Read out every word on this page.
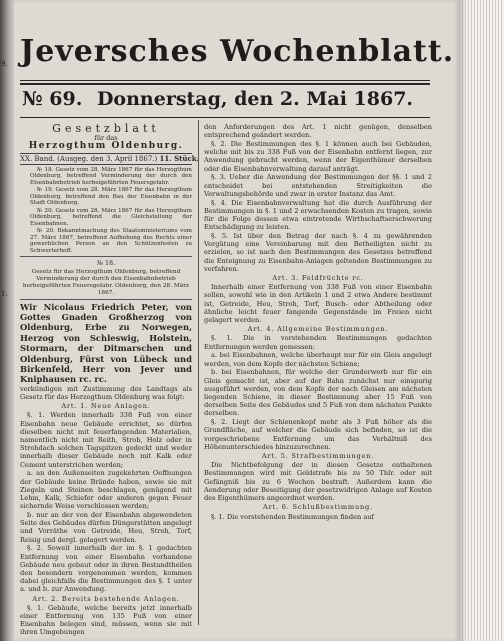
9.
1.
Jeversches Wochenblatt.
№ 69. Donnerstag, den 2. Mai 1867.
Gesetzblatt
für das
Herzogthum Oldenburg.
XX. Band. (Ausgeg. den 3. April 1867.) 11. Stück.

№ 18. Gesetz vom 28. März 1867 für das Herzogthum Oldenburg, betreffend Verminderung der durch den Eisenbahnbetrieb herbeigeführten Feuersgefahr.

№ 19. Gesetz vom 28. März 1867 für das Herzogthum Oldenburg, betreffend den Bau der Eisenbahn in der Stadt Oldenburg.

№ 20. Gesetz vom 28. März 1867 für das Herzogthum Oldenburg, betreffend die Gleichstellung der Eisenbahnen.

№ 20. Bekanntmachung des Staatsministeriums vom 27. März 1867, betreffend Aufhebung des Rechts einer gewerblichen Person an den Schützenfesten zu Schwerterhoff.

№ 18.
Gesetz für das Herzogthum Oldenburg, betreffend Verminderung der durch den Eisenbahnbetrieb herbeigeführten Feuersgefahr. Oldenburg, den 28. März 1867.
Wir Nicolaus Friedrich Peter, von Gottes Gnaden Großherzog von Oldenburg, Erbe zu Norwegen, Herzog von Schleswig, Holstein, Stormarn, der Ditmarschen und Oldenburg, Fürst von Lübeck und Birkenfeld, Herr von Jever und Kniphausen rc. rc.

verkündigen mit Zustimmung des Landtags als Gesetz für das Herzogthum Oldenburg was folgt:

Art. 1. Neue Anlagen.

§. 1. Werden innerhalb 338 Fuß von einer Eisenbahn neue Gebäude errichtet, so dürfen dieselben nicht mit feuerfangenden Materialien, namentlich nicht mit Reith, Stroh, Holz oder in Strohdach solchen Tagspitzen gedeckt und weder innerhalb dieser Gebäude noch mit Kalk oder Cement unterstrichen werden;

a. an den Außenseiten zugekehrten Oeffnungen der Gebäude keine Brände haben, sowie sie mit Ziegeln und Steinen beschlagen, genügend mit Lehm, Kalk, Schiefer oder anderen gegen Feuer sichernde Weise verschlossen werden;

b. nur an der von der Eisenbahn abgewendeten Seite des Gebäudes dürfen Düngerstätten angelegt und Vorräthe von Getreide, Heu, Stroh, Torf, Reisig und dergl. gelagert werden.

§. 2. Soweit innerhalb der im §. 1 gedachten Entfernung von einer Eisenbahn vorhandene Gebäude neu gebaut oder in ihren Bestandtheilen den besondern vorgenommen werden, kommen dabei gleichfalls die Bestimmungen des §. 1 unter a. und b. zur Anwendung.

Art. 2. Bereits bestehende Anlagen.

§. 1. Gebäude, welche bereits jetzt innerhalb einer Entfernung von 135 Fuß von einer Eisenbahn belegen sind, müssen, wenn sie mit ihren Umgebungen

den Anforderungen des Art. 1 nicht genügen, denselben entsprechend geändert werden.

§. 2. Die Bestimmungen des §. 1 können auch bei Gebäuden, welche mit bis zu 338 Fuß von der Eisenbahn entfernt liegen, zur Anwendung gebracht werden, wenn der Eigenthümer derselben oder die Eisenbahnverwaltung darauf anträgt.

§. 3. Ueber die Anwendung der Bestimmungen der §§. 1 und 2 entscheidet bei entstehenden Streitigkeiten die Verwaltungsbehörde und zwar in erster Instanz das Amt.

§. 4. Die Eisenbahnverwaltung hat die durch Ausführung der Bestimmungen in §. 1 und 2 erwachsenden Kosten zu tragen, sowie für die Folge dessen etwa eintretende Wirthschaftserschwerung Entschädigung zu leisten.

§. 5. Ist über den Betrag der nach §. 4 zu gewährenden Vergütung eine Vereinbarung mit den Betheiligten nicht zu erzielen, so ist nach den Bestimmungen des Gesetzes betreffend die Enteignung zu Eisenbahn-Anlagen geltenden Bestimmungen zu verfahren.

Art. 3. Feldfrüchte rc.

Innerhalb einer Entfernung von 338 Fuß von einer Eisenbahn sollen, sowohl wie in den Artikeln 1 und 2 etwa Andere bestimmt ist, Getreide, Heu, Stroh, Torf, Busch- oder Abtheilung oder ähnliche leicht feuer fangende Gegenstände im Freien nicht gelagert werden.

Art. 4. Allgemeine Bestimmungen.

§. 1. Die in vorstehenden Bestimmungen gedachten Entfernungen werden gemessen:

a. bei Eisenbahnen, welche überhaupt nur für ein Gleis angelegt werden, von dem Kopfe der nächsten Schiene;

b. bei Eisenbahnen, für welche der Grunderwerb nur für ein Gleis gemacht ist, aber auf der Bahn zunächst nur einspurig ausgeführt werden, von dem Kopfe der nach Gleisen am nächsten liegenden Schiene, in dieser Bestimmung aber 15 Fuß von derselben Seite des Gebäudes und 5 Fuß von dem nächsten Punkte derselben.

§. 2. Liegt der Schienenkopf mehr als 3 Fuß höher als die Grundfläche, auf welcher die Gebäude sich befinden, so ist die vorgeschriebene Entfernung um das Verhältniß des Höhenunterschiedes hinzuzurechnen.

Art. 5. Strafbestimmungen.

Die Nichtbefolgung der in diesen Gesetze enthaltenen Bestimmungen wird mit Geldstrafe bis zu 50 Thlr. oder mit Gefängniß bis zu 6 Wochen bestraft. Außerdem kann die Aenderung oder Beseitigung der gesetzwidrigen Anlage auf Kosten des Eigenthümers angeordnet werden.

Art. 6. Schlußbestimmung.

§. 1. Die vorstehenden Bestimmungen finden auf
